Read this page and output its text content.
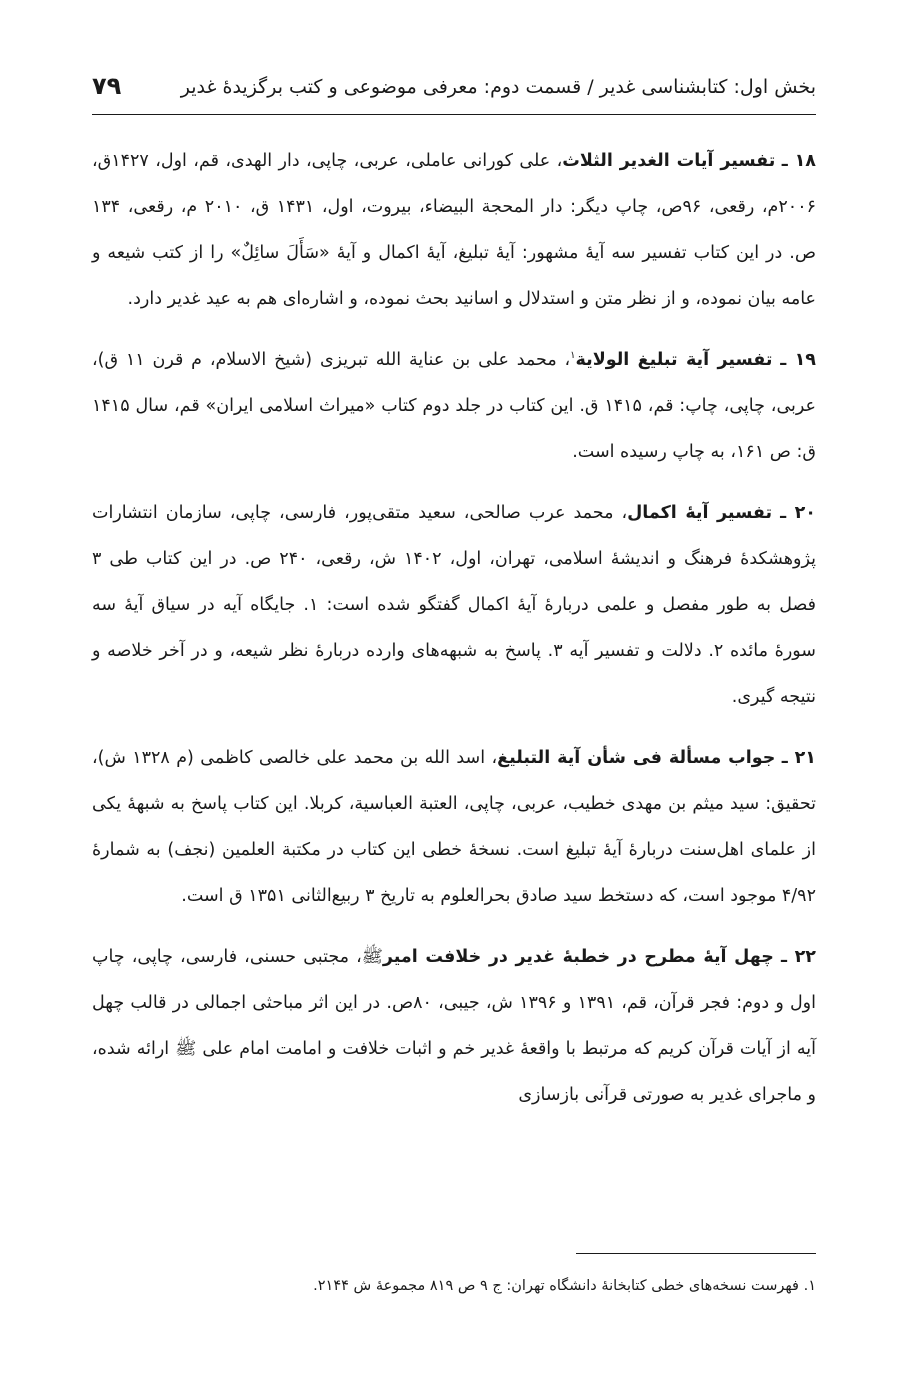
بخش اول: کتابشناسی غدیر / قسمت دوم: معرفی موضوعی و کتب برگزیدهٔ غدیر
۷۹

۱۸ ـ تفسیر آیات الغدیر الثلاث، علی کورانی عاملی، عربی، چاپی، دار الهدی، قم، اول، ۱۴۲۷ق، ۲۰۰۶م، رقعی، ۹۶ص، چاپ دیگر: دار المحجة البیضاء، بیروت، اول، ۱۴۳۱ ق، ۲۰۱۰ م، رقعی، ۱۳۴ ص. در این کتاب تفسیر سه آیهٔ مشهور: آیهٔ تبلیغ، آیهٔ اکمال و آیهٔ «سَأَلَ سائِلٌ» را از کتب شیعه و عامه بیان نموده، و از نظر متن و استدلال و اسانید بحث نموده، و اشاره‌ای هم به عید غدیر دارد.

۱۹ ـ تفسیر آیة تبلیغ الولایة$^۱$، محمد علی بن عنایة الله تبریزی (شیخ الاسلام، م قرن ۱۱ ق)، عربی، چاپی، چاپ: قم، ۱۴۱۵ ق. این کتاب در جلد دوم کتاب «میراث اسلامی ایران» قم، سال ۱۴۱۵ ق: ص ۱۶۱، به چاپ رسیده است.

۲۰ ـ تفسیر آیهٔ اکمال، محمد عرب صالحی، سعید متقی‌پور، فارسی، چاپی، سازمان انتشارات پژوهشکدهٔ فرهنگ و اندیشهٔ اسلامی، تهران، اول، ۱۴۰۲ ش، رقعی، ۲۴۰ ص. در این کتاب طی ۳ فصل به طور مفصل و علمی دربارهٔ آیهٔ اکمال گفتگو شده است: ۱. جایگاه آیه در سیاق آیهٔ سه سورهٔ مائده ۲. دلالت و تفسیر آیه ۳. پاسخ به شبهه‌های وارده دربارهٔ نظر شیعه، و در آخر خلاصه و نتیجه گیری.

۲۱ ـ جواب مسألة فی شأن آیة التبلیغ، اسد الله بن محمد علی خالصی کاظمی (م ۱۳۲۸ ش)، تحقیق: سید میثم بن مهدی خطیب، عربی، چاپی، العتبة العباسیة، کربلا. این کتاب پاسخ به شبههٔ یکی از علمای اهل‌سنت دربارهٔ آیهٔ تبلیغ است. نسخهٔ خطی این کتاب در مکتبة العلمین (نجف) به شمارهٔ ۴/۹۲ موجود است، که دستخط سید صادق بحرالعلوم به تاریخ ۳ ربیع‌الثانی ۱۳۵۱ ق است.

۲۲ ـ چهل آیهٔ مطرح در خطبهٔ غدیر در خلافت امیرﷺ، مجتبی حسنی، فارسی، چاپی، چاپ اول و دوم: فجر قرآن، قم، ۱۳۹۱ و ۱۳۹۶ ش، جیبی، ۸۰ص. در این اثر مباحثی اجمالی در قالب چهل آیه از آیات قرآن کریم که مرتبط با واقعهٔ غدیر خم و اثبات خلافت و امامت امام علی ﷺ ارائه شده، و ماجرای غدیر به صورتی قرآنی بازسازی

۱. فهرست نسخه‌های خطی کتابخانهٔ دانشگاه تهران: ج ۹ ص ۸۱۹ مجموعهٔ ش ۲۱۴۴.
